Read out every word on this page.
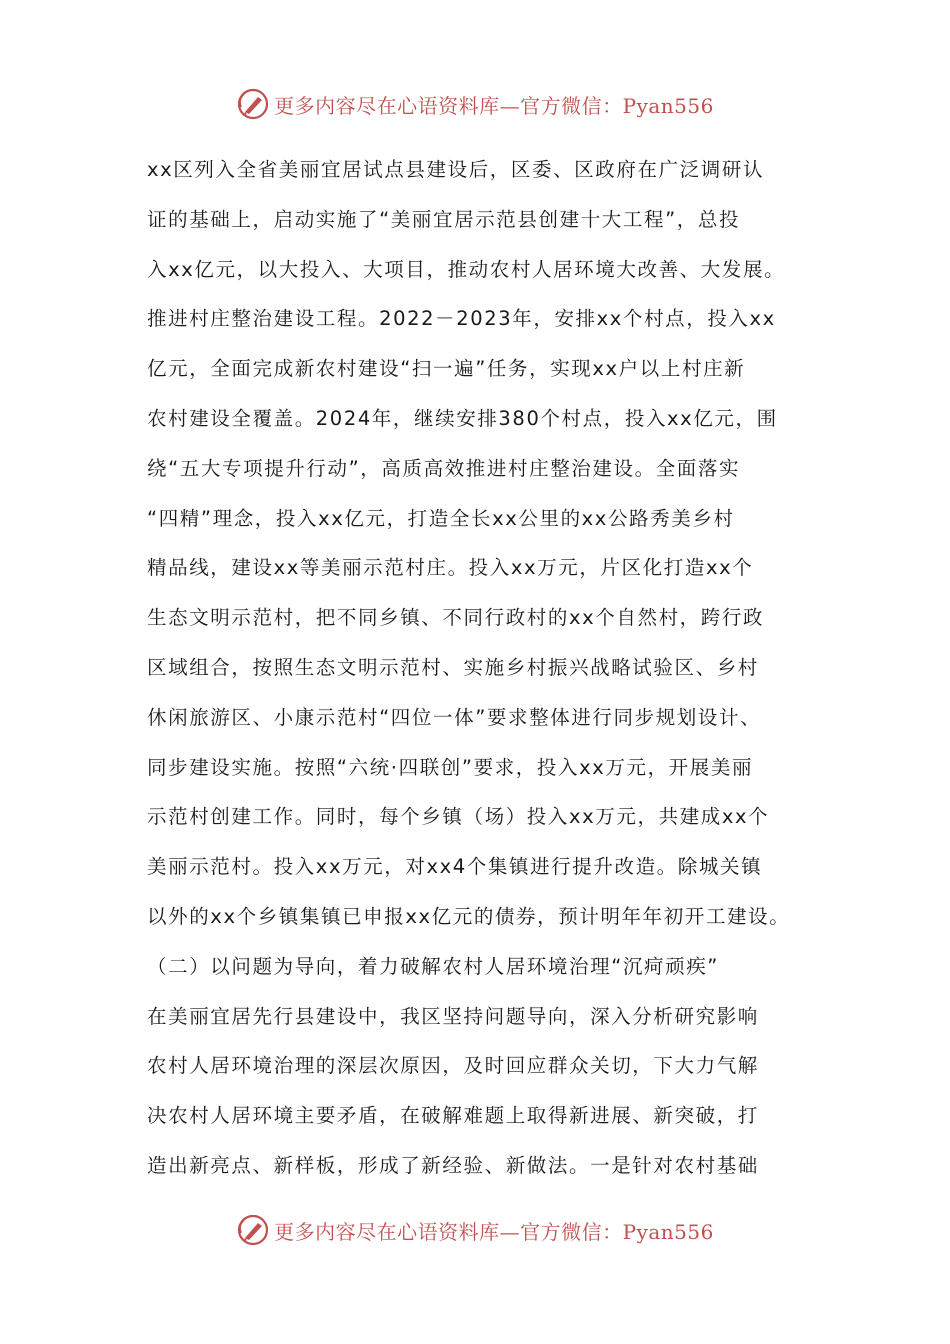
更多内容尽在心语资料库—官方微信：Pyan556
xx区列入全省美丽宜居试点县建设后，区委、区政府在广泛调研认
证的基础上，启动实施了“美丽宜居示范县创建十大工程”，总投
入xx亿元，以大投入、大项目，推动农村人居环境大改善、大发展。
推进村庄整治建设工程。2022－2023年，安排xx个村点，投入xx
亿元，全面完成新农村建设“扫一遍”任务，实现xx户以上村庄新
农村建设全覆盖。2024年，继续安排380个村点，投入xx亿元，围
绕“五大专项提升行动”，高质高效推进村庄整治建设。全面落实
“四精”理念，投入xx亿元，打造全长xx公里的xx公路秀美乡村
精品线，建设xx等美丽示范村庄。投入xx万元，片区化打造xx个
生态文明示范村，把不同乡镇、不同行政村的xx个自然村，跨行政
区域组合，按照生态文明示范村、实施乡村振兴战略试验区、乡村
休闲旅游区、小康示范村“四位一体”要求整体进行同步规划设计、
同步建设实施。按照“六统·四联创”要求，投入xx万元，开展美丽
示范村创建工作。同时，每个乡镇（场）投入xx万元，共建成xx个
美丽示范村。投入xx万元，对xx4个集镇进行提升改造。除城关镇
以外的xx个乡镇集镇已申报xx亿元的债券，预计明年年初开工建设。
（二）以问题为导向，着力破解农村人居环境治理“沉疴顽疾”
在美丽宜居先行县建设中，我区坚持问题导向，深入分析研究影响
农村人居环境治理的深层次原因，及时回应群众关切，下大力气解
决农村人居环境主要矛盾，在破解难题上取得新进展、新突破，打
造出新亮点、新样板，形成了新经验、新做法。一是针对农村基础
更多内容尽在心语资料库—官方微信：Pyan556
